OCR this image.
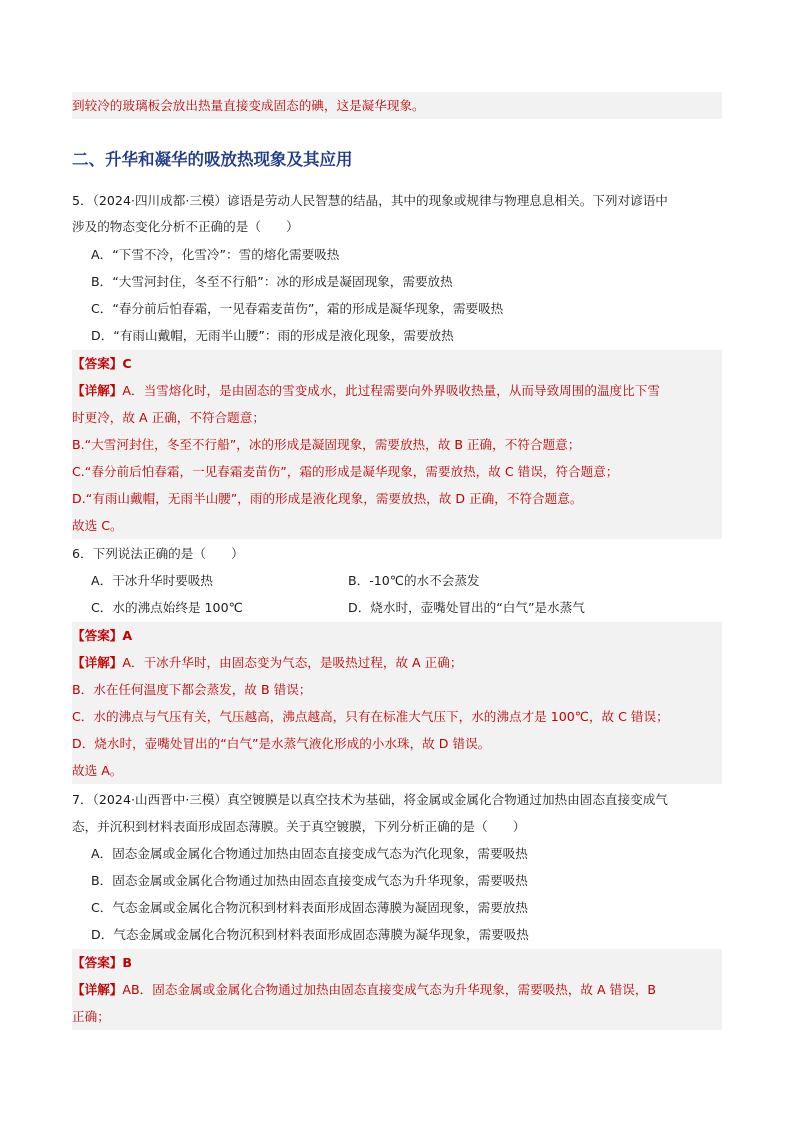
到较冷的玻璃板会放出热量直接变成固态的碘，这是凝华现象。
二、升华和凝华的吸放热现象及其应用
5．（2024·四川成都·三模）谚语是劳动人民智慧的结晶，其中的现象或规律与物理息息相关。下列对谚语中
涉及的物态变化分析不正确的是（　　）
A．“下雪不冷，化雪冷”：雪的熔化需要吸热
B．“大雪河封住，冬至不行船”：冰的形成是凝固现象，需要放热
C．“春分前后怕春霜，一见春霜麦苗伤”，霜的形成是凝华现象，需要吸热
D．“有雨山戴帽，无雨半山腰”：雨的形成是液化现象，需要放热
【答案】C
【详解】A．当雪熔化时，是由固态的雪变成水，此过程需要向外界吸收热量，从而导致周围的温度比下雪
时更冷，故 A 正确，不符合题意；
B.“大雪河封住，冬至不行船”，冰的形成是凝固现象，需要放热，故 B 正确，不符合题意；
C.“春分前后怕春霜，一见春霜麦苗伤”，霜的形成是凝华现象，需要放热，故 C 错误，符合题意；
D.“有雨山戴帽，无雨半山腰”，雨的形成是液化现象，需要放热，故 D 正确，不符合题意。
故选 C。
6．下列说法正确的是（　　）
A．干冰升华时要吸热	B．-10℃的水不会蒸发
C．水的沸点始终是 100℃	D．烧水时，壶嘴处冒出的“白气”是水蒸气
【答案】A
【详解】A．干冰升华时，由固态变为气态，是吸热过程，故 A 正确；
B．水在任何温度下都会蒸发，故 B 错误；
C．水的沸点与气压有关，气压越高，沸点越高，只有在标准大气压下，水的沸点才是 100℃，故 C 错误；
D．烧水时，壶嘴处冒出的“白气”是水蒸气液化形成的小水珠，故 D 错误。
故选 A。
7．（2024·山西晋中·三模）真空镀膜是以真空技术为基础，将金属或金属化合物通过加热由固态直接变成气
态，并沉积到材料表面形成固态薄膜。关于真空镀膜，下列分析正确的是（　　）
A．固态金属或金属化合物通过加热由固态直接变成气态为汽化现象，需要吸热
B．固态金属或金属化合物通过加热由固态直接变成气态为升华现象，需要吸热
C．气态金属或金属化合物沉积到材料表面形成固态薄膜为凝固现象，需要放热
D．气态金属或金属化合物沉积到材料表面形成固态薄膜为凝华现象，需要吸热
【答案】B
【详解】AB．固态金属或金属化合物通过加热由固态直接变成气态为升华现象，需要吸热，故 A 错误，B
正确；
